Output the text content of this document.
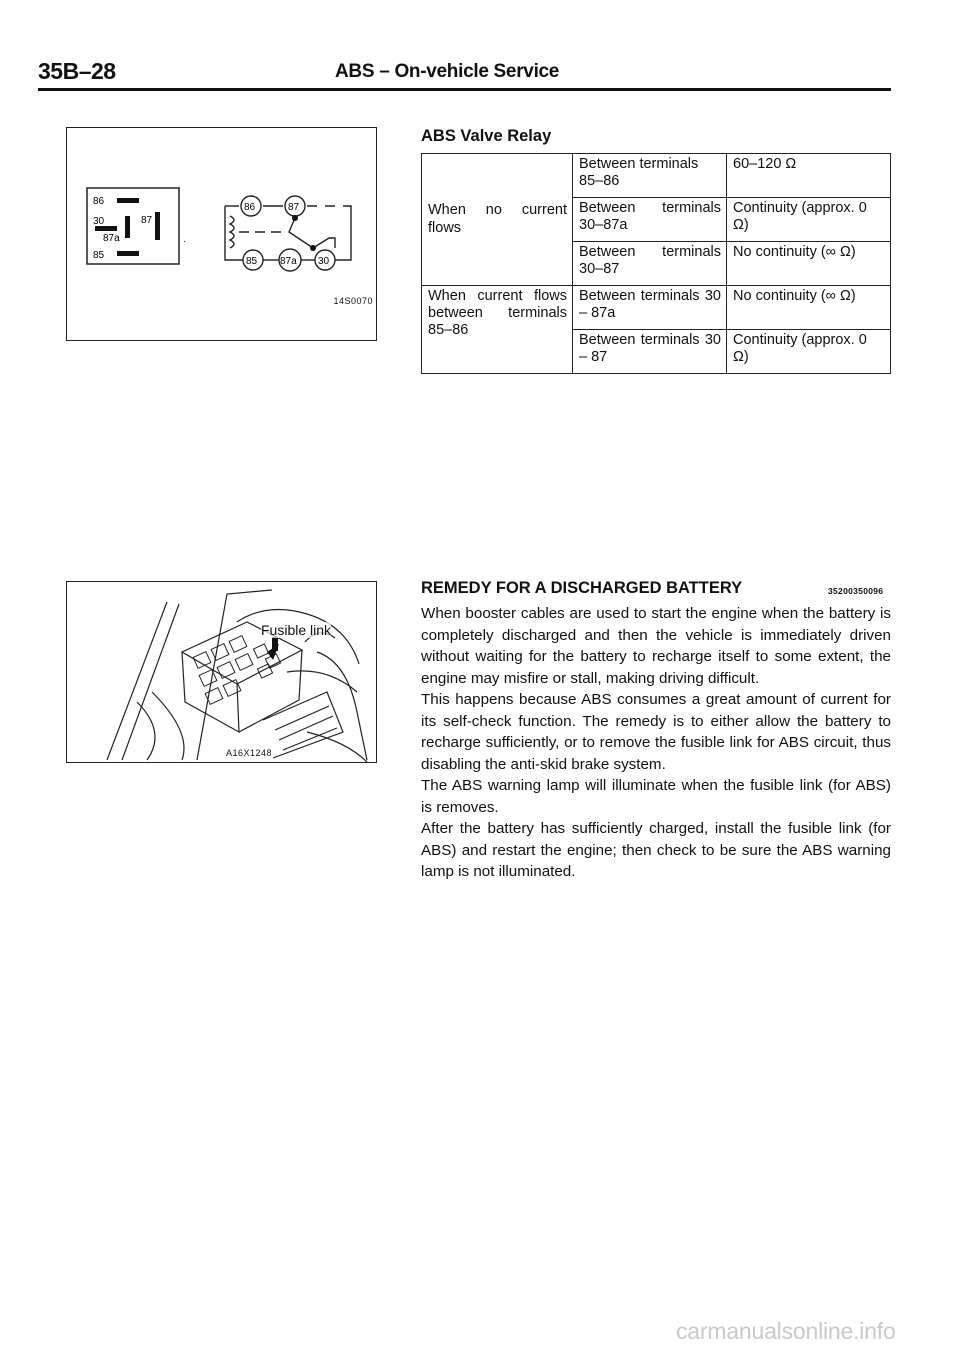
35B–28	ABS – On-vehicle Service
86
30
87a
87
85
·
86	87
85 87a 30
14S0070
ABS Valve Relay
When no current flows	Between terminals 85–86	60–120 Ω
	Between terminals 30–87a	Continuity (approx. 0 Ω)
	Between terminals 30–87	No continuity (∞ Ω)
When current flows between terminals 85–86	Between terminals 30 – 87a	No continuity (∞ Ω)
	Between terminals 30 – 87	Continuity (approx. 0 Ω)
Fusible link
A16X1248
REMEDY FOR A DISCHARGED BATTERY	35200350096

When booster cables are used to start the engine when the battery is completely discharged and then the vehicle is immediately driven without waiting for the battery to recharge itself to some extent, the engine may misfire or stall, making driving difficult.

This happens because ABS consumes a great amount of current for its self-check function. The remedy is to either allow the battery to recharge sufficiently, or to remove the fusible link for ABS circuit, thus disabling the anti-skid brake system.

The ABS warning lamp will illuminate when the fusible link (for ABS) is removes.

After the battery has sufficiently charged, install the fusible link (for ABS) and restart the engine; then check to be sure the ABS warning lamp is not illuminated.

carmanualsonline.info
